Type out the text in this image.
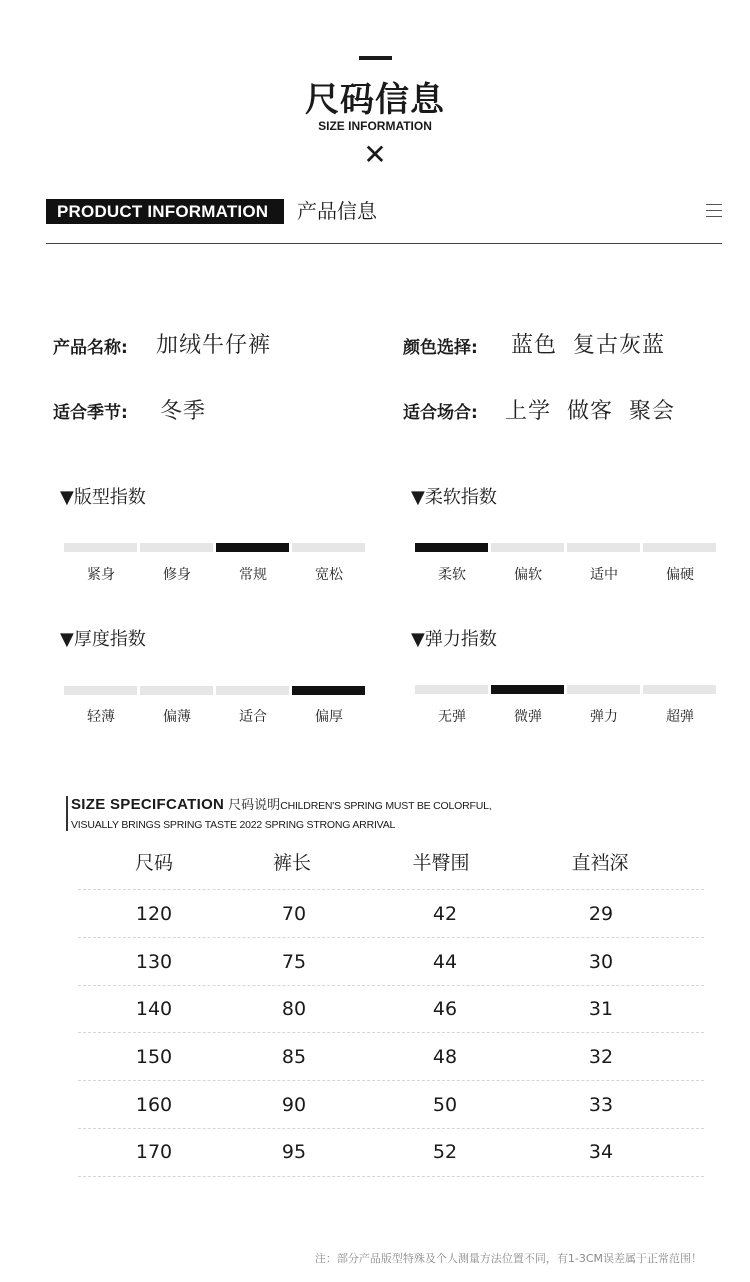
尺码信息
SIZE INFORMATION
✕
PRODUCT INFORMATION	产品信息
产品名称: 加绒牛仔裤	颜色选择: 蓝色  复古灰蓝
适合季节: 冬季	适合场合: 上学  做客  聚会
▼版型指数
紧身	修身	常规	宽松
▼柔软指数
柔软	偏软	适中	偏硬
▼厚度指数
轻薄	偏薄	适合	偏厚
▼弹力指数
无弹	微弹	弹力	超弹
SIZE SPECIFCATION 尺码说明CHILDREN'S SPRING MUST BE COLORFUL,
VISUALLY BRINGS SPRING TASTE 2022 SPRING STRONG ARRIVAL
尺码	裤长	半臀围	直裆深
120	70	42	29
130	75	44	30
140	80	46	31
150	85	48	32
160	90	50	33
170	95	52	34
注：部分产品版型特殊及个人测量方法位置不同，有1-3CM误差属于正常范围！
